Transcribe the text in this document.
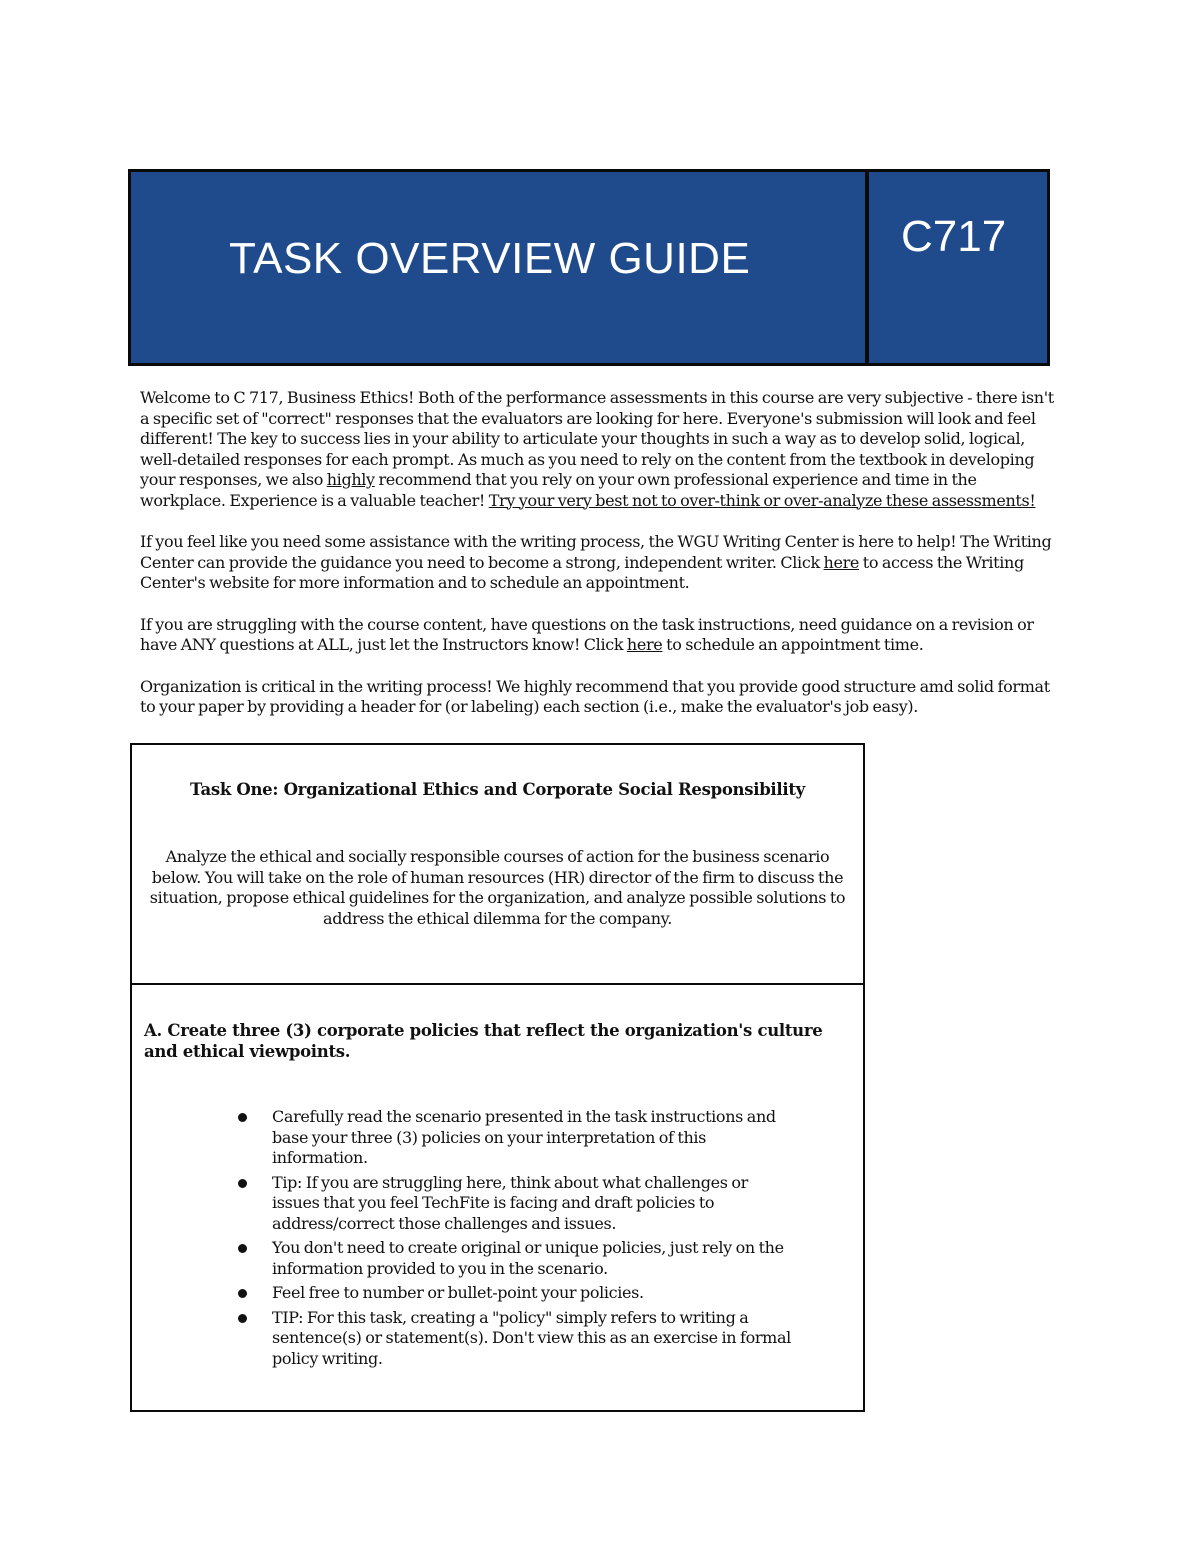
TASK OVERVIEW GUIDE	C717

Welcome to C 717, Business Ethics! Both of the performance assessments in this course are very subjective - there isn't a specific set of "correct" responses that the evaluators are looking for here. Everyone's submission will look and feel different! The key to success lies in your ability to articulate your thoughts in such a way as to develop solid, logical, well-detailed responses for each prompt. As much as you need to rely on the content from the textbook in developing your responses, we also highly recommend that you rely on your own professional experience and time in the workplace. Experience is a valuable teacher! Try your very best not to over-think or over-analyze these assessments!

If you feel like you need some assistance with the writing process, the WGU Writing Center is here to help! The Writing Center can provide the guidance you need to become a strong, independent writer. Click here to access the Writing Center's website for more information and to schedule an appointment.

If you are struggling with the course content, have questions on the task instructions, need guidance on a revision or have ANY questions at ALL, just let the Instructors know! Click here to schedule an appointment time.

Organization is critical in the writing process! We highly recommend that you provide good structure amd solid format to your paper by providing a header for (or labeling) each section (i.e., make the evaluator's job easy).

Task One: Organizational Ethics and Corporate Social Responsibility
Analyze the ethical and socially responsible courses of action for the business scenario below. You will take on the role of human resources (HR) director of the firm to discuss the situation, propose ethical guidelines for the organization, and analyze possible solutions to address the ethical dilemma for the company.
A. Create three (3) corporate policies that reflect the organization's culture and ethical viewpoints.
Carefully read the scenario presented in the task instructions and base your three (3) policies on your interpretation of this information.
Tip: If you are struggling here, think about what challenges or issues that you feel TechFite is facing and draft policies to address/correct those challenges and issues.
You don't need to create original or unique policies, just rely on the information provided to you in the scenario.
Feel free to number or bullet-point your policies.
TIP: For this task, creating a "policy" simply refers to writing a sentence(s) or statement(s). Don't view this as an exercise in formal policy writing.
